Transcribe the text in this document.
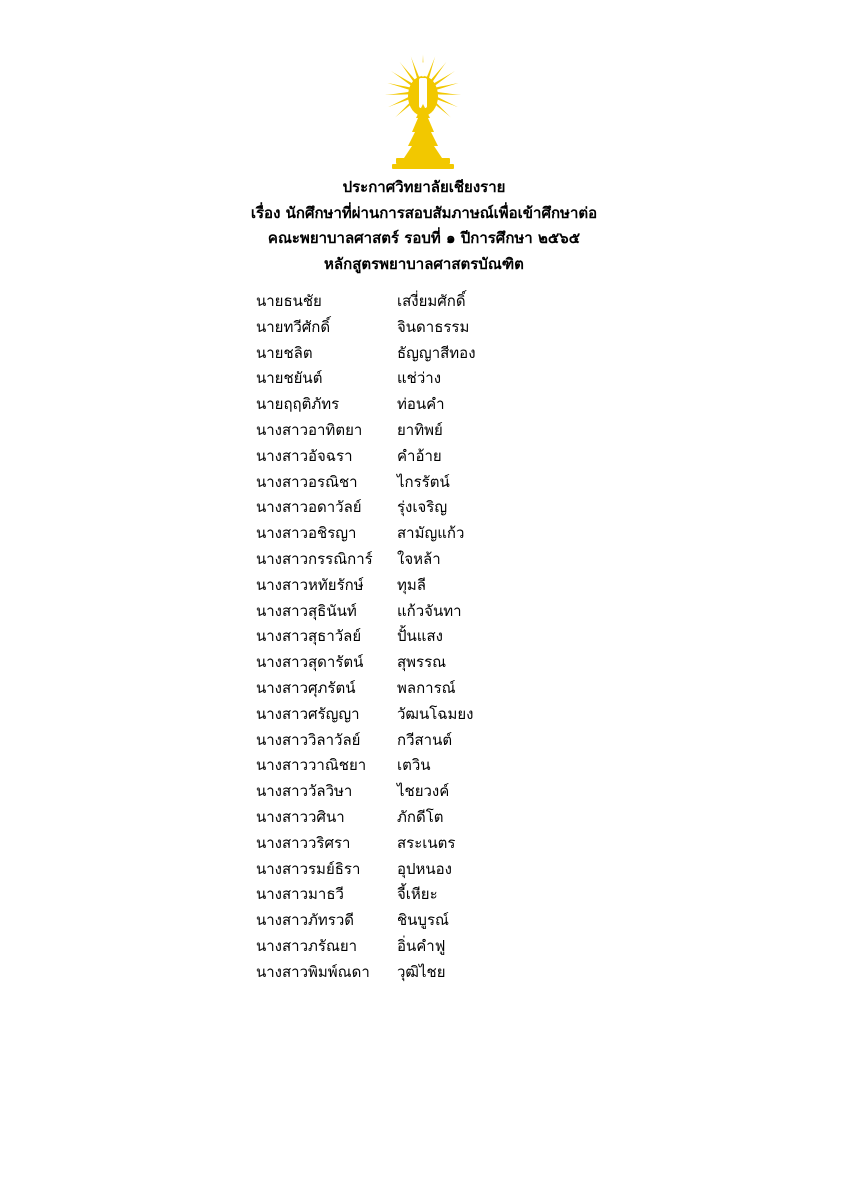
ประกาศวิทยาลัยเชียงราย
เรื่อง นักศึกษาที่ผ่านการสอบสัมภาษณ์เพื่อเข้าศึกษาต่อ
คณะพยาบาลศาสตร์ รอบที่ ๑ ปีการศึกษา ๒๕๖๕
หลักสูตรพยาบาลศาสตรบัณฑิต
นายธนชัย	เสงี่ยมศักดิ์
นายทวีศักดิ์	จินดาธรรม
นายชลิต	ธัญญาสีทอง
นายชยันต์	แช่ว่าง
นายฤฤติภัทร	ท่อนคำ
นางสาวอาทิตยา	ยาทิพย์
นางสาวอัจฉรา	คำอ้าย
นางสาวอรณิชา	ไกรรัตน์
นางสาวอดาวัลย์	รุ่งเจริญ
นางสาวอชิรญา	สามัญแก้ว
นางสาวกรรณิการ์	ใจหล้า
นางสาวหทัยรักษ์	ทุมลี
นางสาวสุธินันท์	แก้วจันทา
นางสาวสุธาวัลย์	ปั้นแสง
นางสาวสุดารัตน์	สุพรรณ
นางสาวศุภรัตน์	พลการณ์
นางสาวศรัญญา	วัฒนโฉมยง
นางสาววิลาวัลย์	กวีสานต์
นางสาววาณิชยา	เตวิน
นางสาววัลวิษา	ไชยวงค์
นางสาววศินา	ภักดีโต
นางสาววริศรา	สระเนตร
นางสาวรมย์ธิรา	อุปหนอง
นางสาวมาธวี	จี้เหียะ
นางสาวภัทรวดี	ชินบูรณ์
นางสาวภรัณยา	อิ่นคำฟู
นางสาวพิมพ์ณดา	วุฒิไชย
